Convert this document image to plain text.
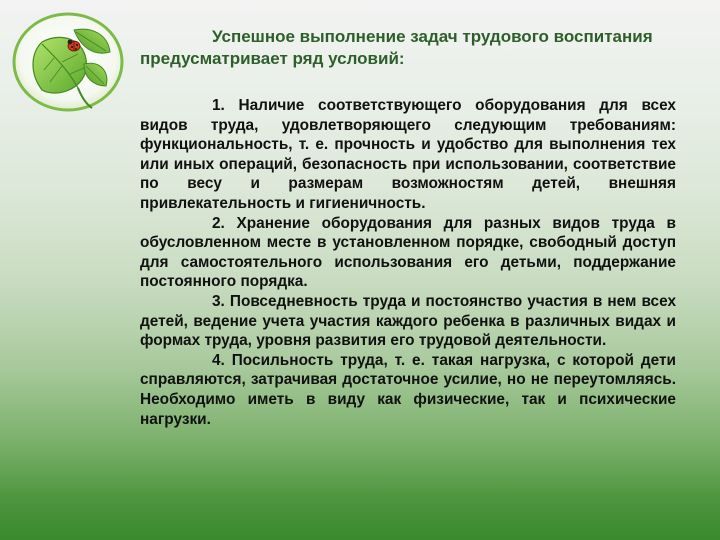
Успешное выполнение задач трудового воспитания предусматривает ряд условий:

1. Наличие соответствующего оборудования для всех видов труда, удовлетворяющего следующим требованиям: функциональность, т. е. прочность и удобство для выполнения тех или иных операций, безопасность при использовании, соответствие по весу и размерам возможностям детей, внешняя привлекательность и гигиеничность.

2. Хранение оборудования для разных видов труда в обусловленном месте в установленном порядке, свободный доступ для самостоятельного использования его детьми, поддержание постоянного порядка.

3. Повседневность труда и постоянство участия в нем всех детей, ведение учета участия каждого ребенка в различных видах и формах труда, уровня развития его трудовой деятельности.

4. Посильность труда, т. е. такая нагрузка, с которой дети справляются, затрачивая достаточное усилие, но не переутомляясь. Необходимо иметь в виду как физические, так и психические нагрузки.
